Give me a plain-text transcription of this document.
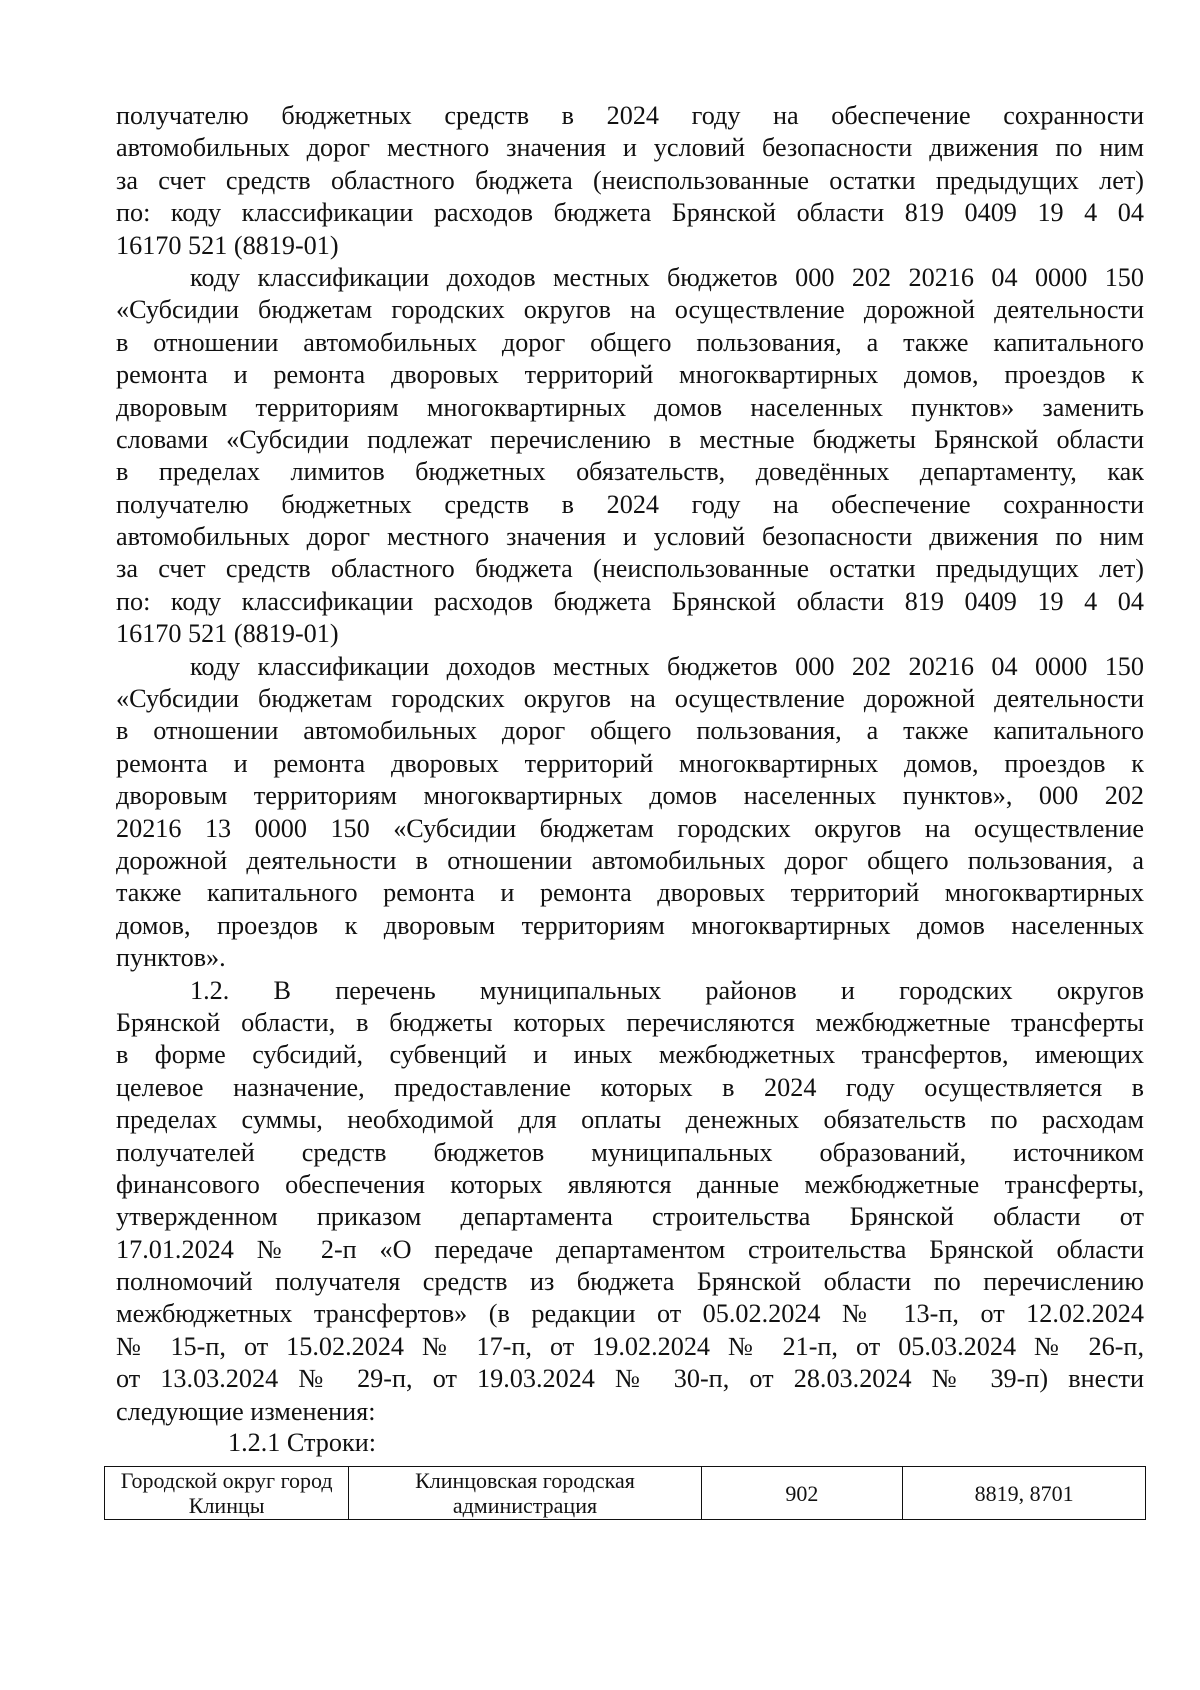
получателю бюджетных средств в 2024 году на обеспечение сохранности
автомобильных дорог местного значения и условий безопасности движения по ним
за счет средств областного бюджета (неиспользованные остатки предыдущих лет)
по: коду классификации расходов бюджета Брянской области 819 0409 19 4 04
16170 521 (8819-01)
коду классификации доходов местных бюджетов 000 202 20216 04 0000 150
«Субсидии бюджетам городских округов на осуществление дорожной деятельности
в отношении автомобильных дорог общего пользования, а также капитального
ремонта и ремонта дворовых территорий многоквартирных домов, проездов к
дворовым территориям многоквартирных домов населенных пунктов» заменить
словами «Субсидии подлежат перечислению в местные бюджеты Брянской области
в пределах лимитов бюджетных обязательств, доведённых департаменту, как
получателю бюджетных средств в 2024 году на обеспечение сохранности
автомобильных дорог местного значения и условий безопасности движения по ним
за счет средств областного бюджета (неиспользованные остатки предыдущих лет)
по: коду классификации расходов бюджета Брянской области 819 0409 19 4 04
16170 521 (8819-01)
коду классификации доходов местных бюджетов 000 202 20216 04 0000 150
«Субсидии бюджетам городских округов на осуществление дорожной деятельности
в отношении автомобильных дорог общего пользования, а также капитального
ремонта и ремонта дворовых территорий многоквартирных домов, проездов к
дворовым территориям многоквартирных домов населенных пунктов», 000 202
20216 13 0000 150 «Субсидии бюджетам городских округов на осуществление
дорожной деятельности в отношении автомобильных дорог общего пользования, а
также капитального ремонта и ремонта дворовых территорий многоквартирных
домов, проездов к дворовым территориям многоквартирных домов населенных
пунктов».
1.2. В перечень муниципальных районов и городских округов
Брянской области, в бюджеты которых перечисляются межбюджетные трансферты
в форме субсидий, субвенций и иных межбюджетных трансфертов, имеющих
целевое назначение, предоставление которых в 2024 году осуществляется в
пределах суммы, необходимой для оплаты денежных обязательств по расходам
получателей средств бюджетов муниципальных образований, источником
финансового обеспечения которых являются данные межбюджетные трансферты,
утвержденном приказом департамента строительства Брянской области от
17.01.2024 № 2-п «О передаче департаментом строительства Брянской области
полномочий получателя средств из бюджета Брянской области по перечислению
межбюджетных трансфертов» (в редакции от 05.02.2024 № 13-п, от 12.02.2024
№ 15-п, от 15.02.2024 № 17-п, от 19.02.2024 № 21-п, от 05.03.2024 № 26-п,
от 13.03.2024 № 29-п, от 19.03.2024 № 30-п, от 28.03.2024 № 39-п) внести
следующие изменения:

1.2.1 Строки:

Городской округ город Клинцы	Клинцовская городская администрация	902	8819, 8701
